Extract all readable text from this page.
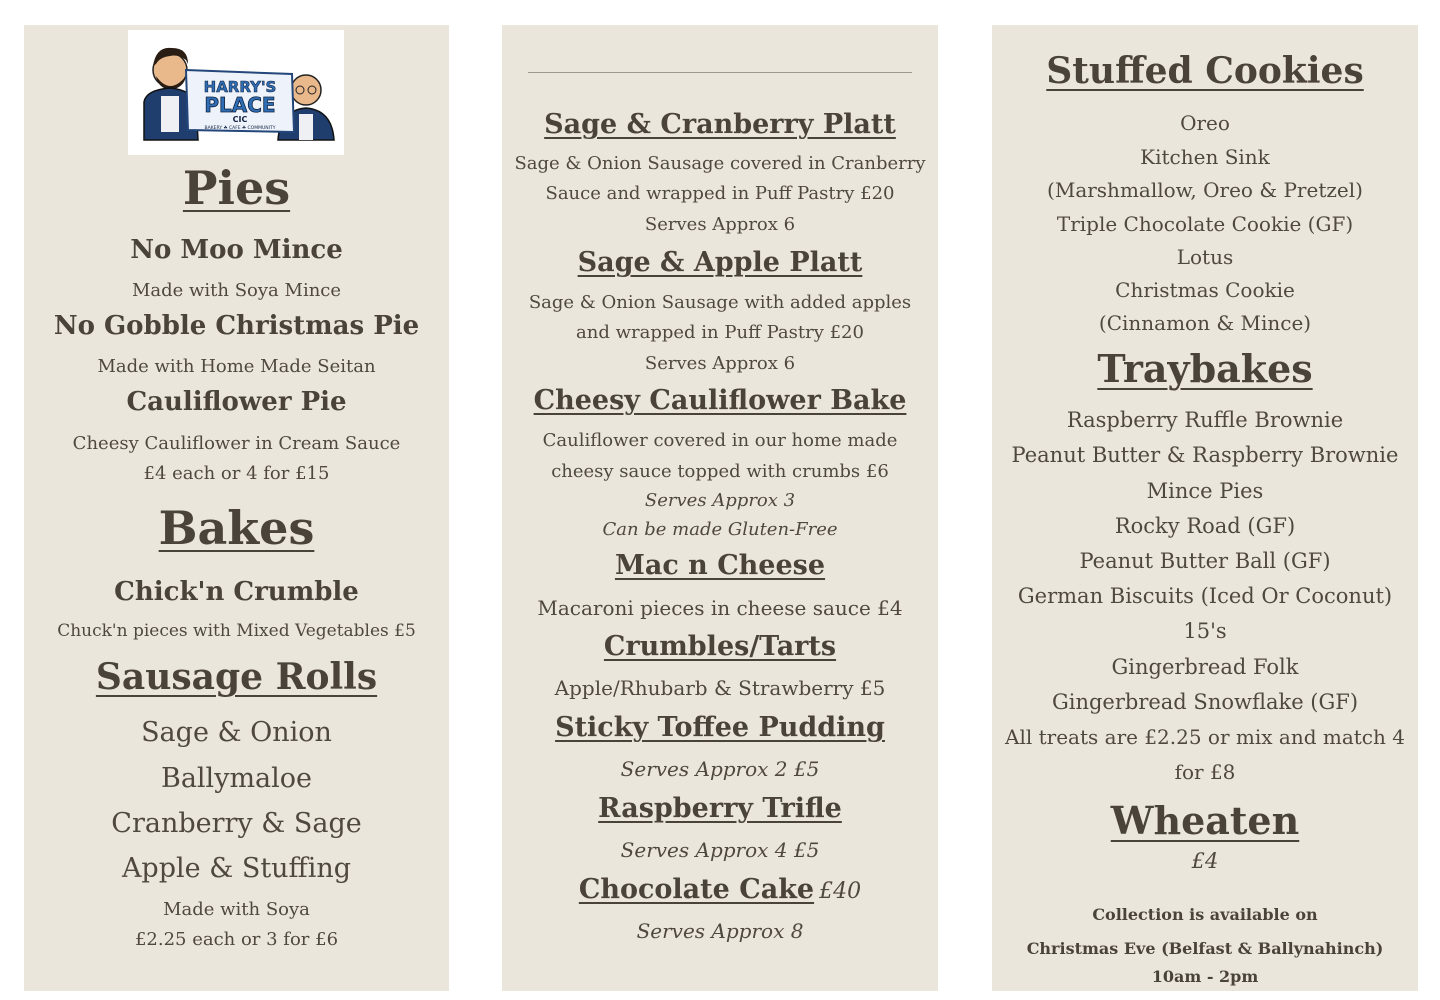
HARRY'S
PLACE
CIC
BAKERY ☘ CAFE ☘ COMMUNITY
Pies
No Moo Mince
Made with Soya Mince
No Gobble Christmas Pie
Made with Home Made Seitan
Cauliflower Pie
Cheesy Cauliflower in Cream Sauce
£4 each or 4 for £15
Bakes
Chick'n Crumble
Chuck'n pieces with Mixed Vegetables £5
Sausage Rolls
Sage & Onion
Ballymaloe
Cranberry & Sage
Apple & Stuffing
Made with Soya
£2.25 each or 3 for £6
Sage & Cranberry Platt
Sage & Onion Sausage covered in Cranberry
Sauce and wrapped in Puff Pastry £20
Serves Approx 6
Sage & Apple Platt
Sage & Onion Sausage with added apples
and wrapped in Puff Pastry £20
Serves Approx 6
Cheesy Cauliflower Bake
Cauliflower covered in our home made
cheesy sauce topped with crumbs £6
Serves Approx 3
Can be made Gluten-Free
Mac n Cheese
Macaroni pieces in cheese sauce £4
Crumbles/Tarts
Apple/Rhubarb & Strawberry £5
Sticky Toffee Pudding
Serves Approx 2 £5
Raspberry Trifle
Serves Approx 4 £5
Chocolate Cake £40
Serves Approx 8
Stuffed Cookies
Oreo
Kitchen Sink
(Marshmallow, Oreo & Pretzel)
Triple Chocolate Cookie (GF)
Lotus
Christmas Cookie
(Cinnamon & Mince)
Traybakes
Raspberry Ruffle Brownie
Peanut Butter & Raspberry Brownie
Mince Pies
Rocky Road (GF)
Peanut Butter Ball (GF)
German Biscuits (Iced Or Coconut)
15's
Gingerbread Folk
Gingerbread Snowflake (GF)
All treats are £2.25 or mix and match 4
for £8
Wheaten
£4
Collection is available on
Christmas Eve (Belfast & Ballynahinch)
10am - 2pm
